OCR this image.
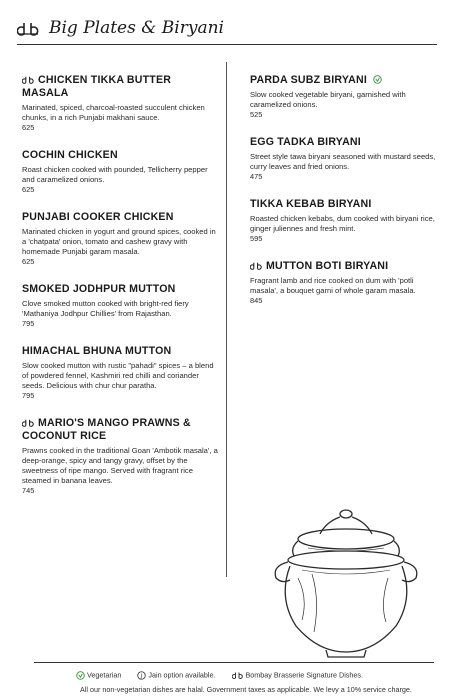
Big Plates & Biryani
CHICKEN TIKKA BUTTER MASALA
Marinated, spiced, charcoal-roasted succulent chicken chunks, in a rich Punjabi makhani sauce.
625
COCHIN CHICKEN
Roast chicken cooked with pounded, Tellicherry pepper and caramelized onions.
625
PUNJABI COOKER CHICKEN
Marinated chicken in yogurt and ground spices, cooked in a 'chatpata' onion, tomato and cashew gravy with homemade Punjabi garam masala.
625
SMOKED JODHPUR MUTTON
Clove smoked mutton cooked with bright-red fiery 'Mathaniya Jodhpur Chillies' from Rajasthan.
795
HIMACHAL BHUNA MUTTON
Slow cooked mutton with rustic "pahadi" spices – a blend of powdered fennel, Kashmiri red chilli and coriander seeds. Delicious with chur chur paratha.
795
MARIO'S MANGO PRAWNS & COCONUT RICE
Prawns cooked in the traditional Goan 'Ambotik masala', a deep-orange, spicy and tangy gravy, offset by the sweetness of ripe mango. Served with fragrant rice steamed in banana leaves.
745
PARDA SUBZ BIRYANI
Slow cooked vegetable biryani, garnished with caramelized onions.
525
EGG TADKA BIRYANI
Street style tawa biryani seasoned with mustard seeds, curry leaves and fried onions.
475
TIKKA KEBAB BIRYANI
Roasted chicken kebabs, dum cooked with biryani rice, ginger juliennes and fresh mint.
595
MUTTON BOTI BIRYANI
Fragrant lamb and rice cooked on dum with 'potli masala', a bouquet garni of whole garam masala.
845
Vegetarian	J Jain option available.	Bombay Brasserie Signature Dishes.
All our non-vegetarian dishes are halal. Government taxes as applicable. We levy a 10% service charge.
